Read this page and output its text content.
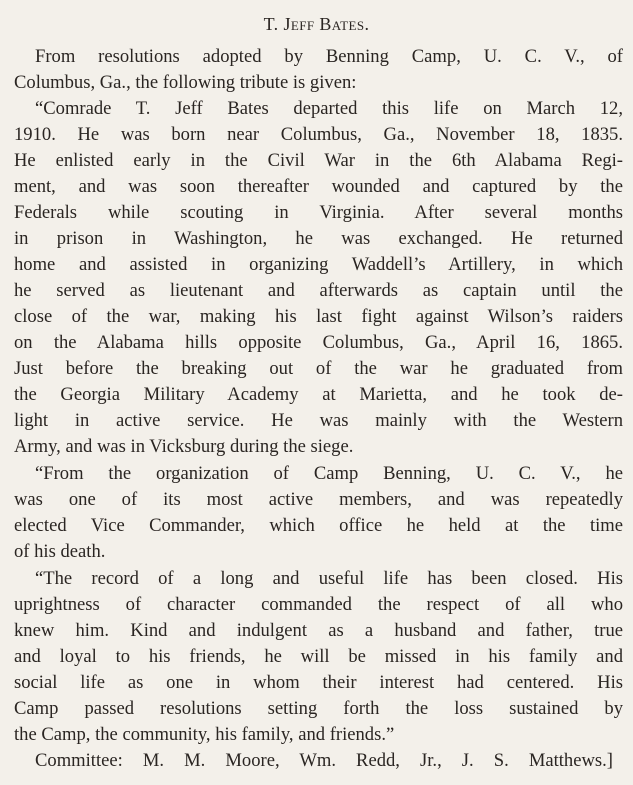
T. Jeff Bates.
From resolutions adopted by Benning Camp, U. C. V., of
Columbus, Ga., the following tribute is given:
“Comrade T. Jeff Bates departed this life on March 12,
1910. He was born near Columbus, Ga., November 18, 1835.
He enlisted early in the Civil War in the 6th Alabama Regi-
ment, and was soon thereafter wounded and captured by the
Federals while scouting in Virginia. After several months
in prison in Washington, he was exchanged. He returned
home and assisted in organizing Waddell’s Artillery, in which
he served as lieutenant and afterwards as captain until the
close of the war, making his last fight against Wilson’s raiders
on the Alabama hills opposite Columbus, Ga., April 16, 1865.
Just before the breaking out of the war he graduated from
the Georgia Military Academy at Marietta, and he took de-
light in active service. He was mainly with the Western
Army, and was in Vicksburg during the siege.
“From the organization of Camp Benning, U. C. V., he
was one of its most active members, and was repeatedly
elected Vice Commander, which office he held at the time
of his death.
“The record of a long and useful life has been closed. His
uprightness of character commanded the respect of all who
knew him. Kind and indulgent as a husband and father, true
and loyal to his friends, he will be missed in his family and
social life as one in whom their interest had centered. His
Camp passed resolutions setting forth the loss sustained by
the Camp, the community, his family, and friends.”
Committee: M. M. Moore, Wm. Redd, Jr., J. S. Matthews.]
